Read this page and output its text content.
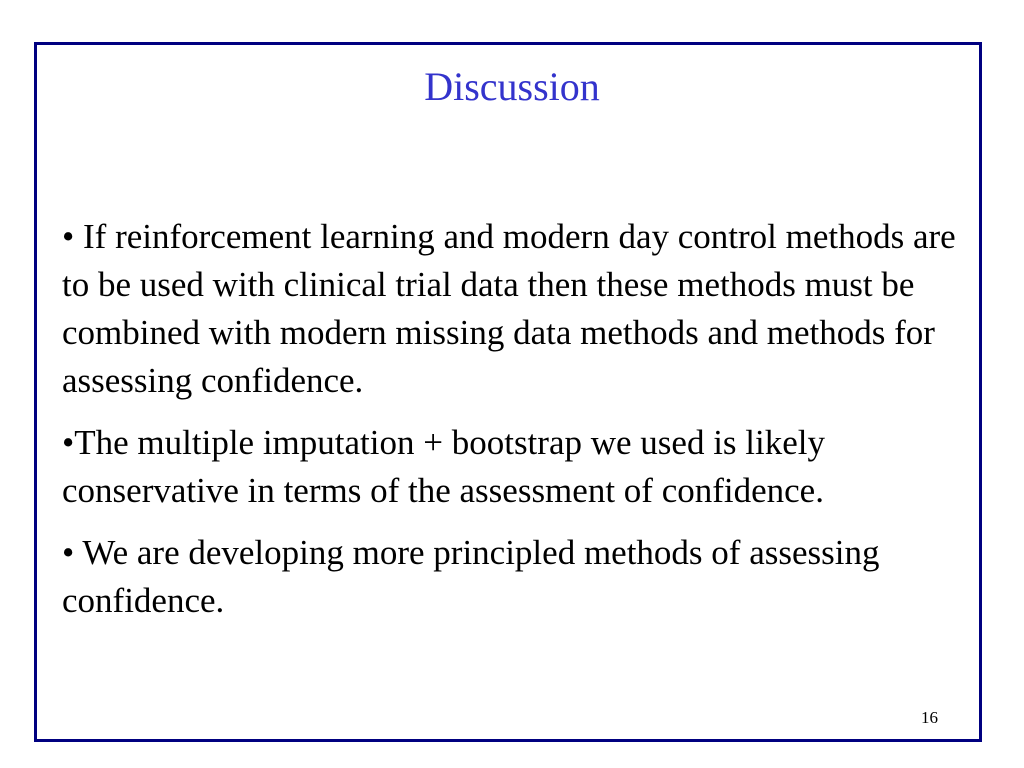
Discussion
• If reinforcement learning and modern day control methods are to be used with clinical trial data then these methods must be combined with modern missing data methods and methods for assessing confidence.
•The multiple imputation + bootstrap we used is likely conservative in terms of the assessment of confidence.
• We are developing more principled methods of assessing confidence.
16
